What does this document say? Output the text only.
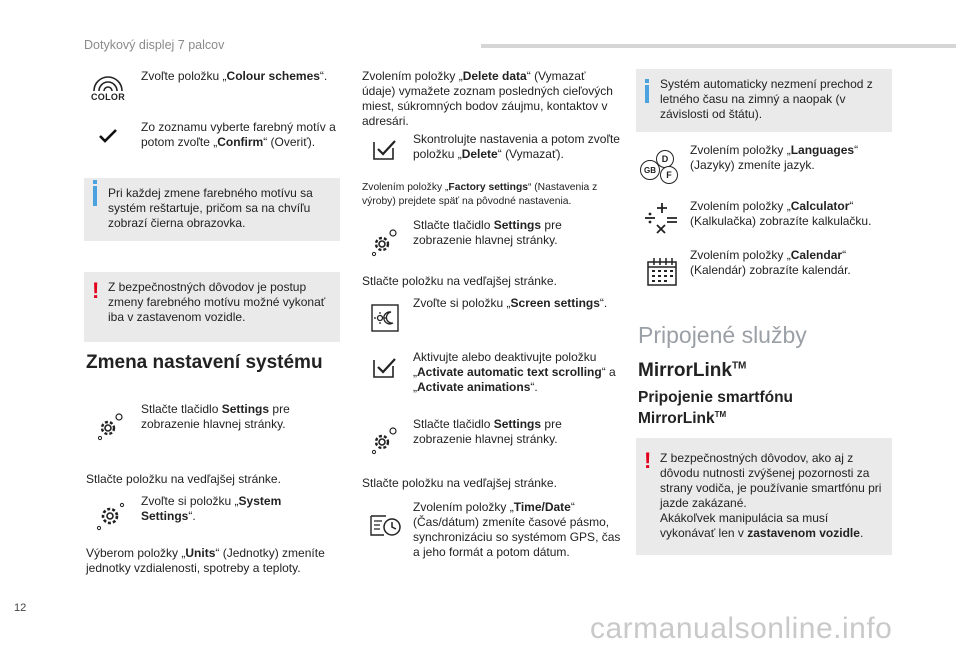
Dotykový displej 7 palcov
COLOR
Zvoľte položku „Colour schemes“.
Zo zoznamu vyberte farebný motív a
potom zvoľte „Confirm“ (Overiť).
Pri každej zmene farebného motívu sa systém reštartuje, pričom sa na chvíľu zobrazí čierna obrazovka.
! Z bezpečnostných dôvodov je postup zmeny farebného motívu možné vykonať iba v zastavenom vozidle.
Zmena nastavení systému
Stlačte tlačidlo Settings pre zobrazenie hlavnej stránky.
Stlačte položku na vedľajšej stránke.
Zvoľte si položku „System Settings“.
Výberom položky „Units“ (Jednotky) zmeníte jednotky vzdialenosti, spotreby a teploty.
Zvolením položky „Delete data“ (Vymazať údaje) vymažete zoznam posledných cieľových miest, súkromných bodov záujmu, kontaktov v adresári.
Skontrolujte nastavenia a potom zvoľte položku „Delete“ (Vymazať).
Zvolením položky „Factory settings“ (Nastavenia z výroby) prejdete späť na pôvodné nastavenia.
Stlačte tlačidlo Settings pre zobrazenie hlavnej stránky.
Stlačte položku na vedľajšej stránke.
Zvoľte si položku „Screen settings“.
Aktivujte alebo deaktivujte položku
„Activate automatic text scrolling“ a „Activate animations“.
Stlačte tlačidlo Settings pre zobrazenie hlavnej stránky.
Stlačte položku na vedľajšej stránke.
Zvolením položky „Time/Date“ (Čas/dátum) zmeníte časové pásmo, synchronizáciu so systémom GPS, čas a jeho formát a potom dátum.
Systém automaticky nezmení prechod z letného času na zimný a naopak (v závislosti od štátu).
D
GB	F
Zvolením položky „Languages“ (Jazyky) zmeníte jazyk.
Zvolením položky „Calculator“ (Kalkulačka) zobrazíte kalkulačku.
Zvolením položky „Calendar“ (Kalendár) zobrazíte kalendár.
Pripojené služby
MirrorLink™
Pripojenie smartfónu
MirrorLink™
! Z bezpečnostných dôvodov, ako aj z dôvodu nutnosti zvýšenej pozornosti za strany vodiča, je používanie smartfónu pri jazde zakázané.
Akákoľvek manipulácia sa musí vykonávať len v zastavenom vozidle.
12
carmanualsonline.info
